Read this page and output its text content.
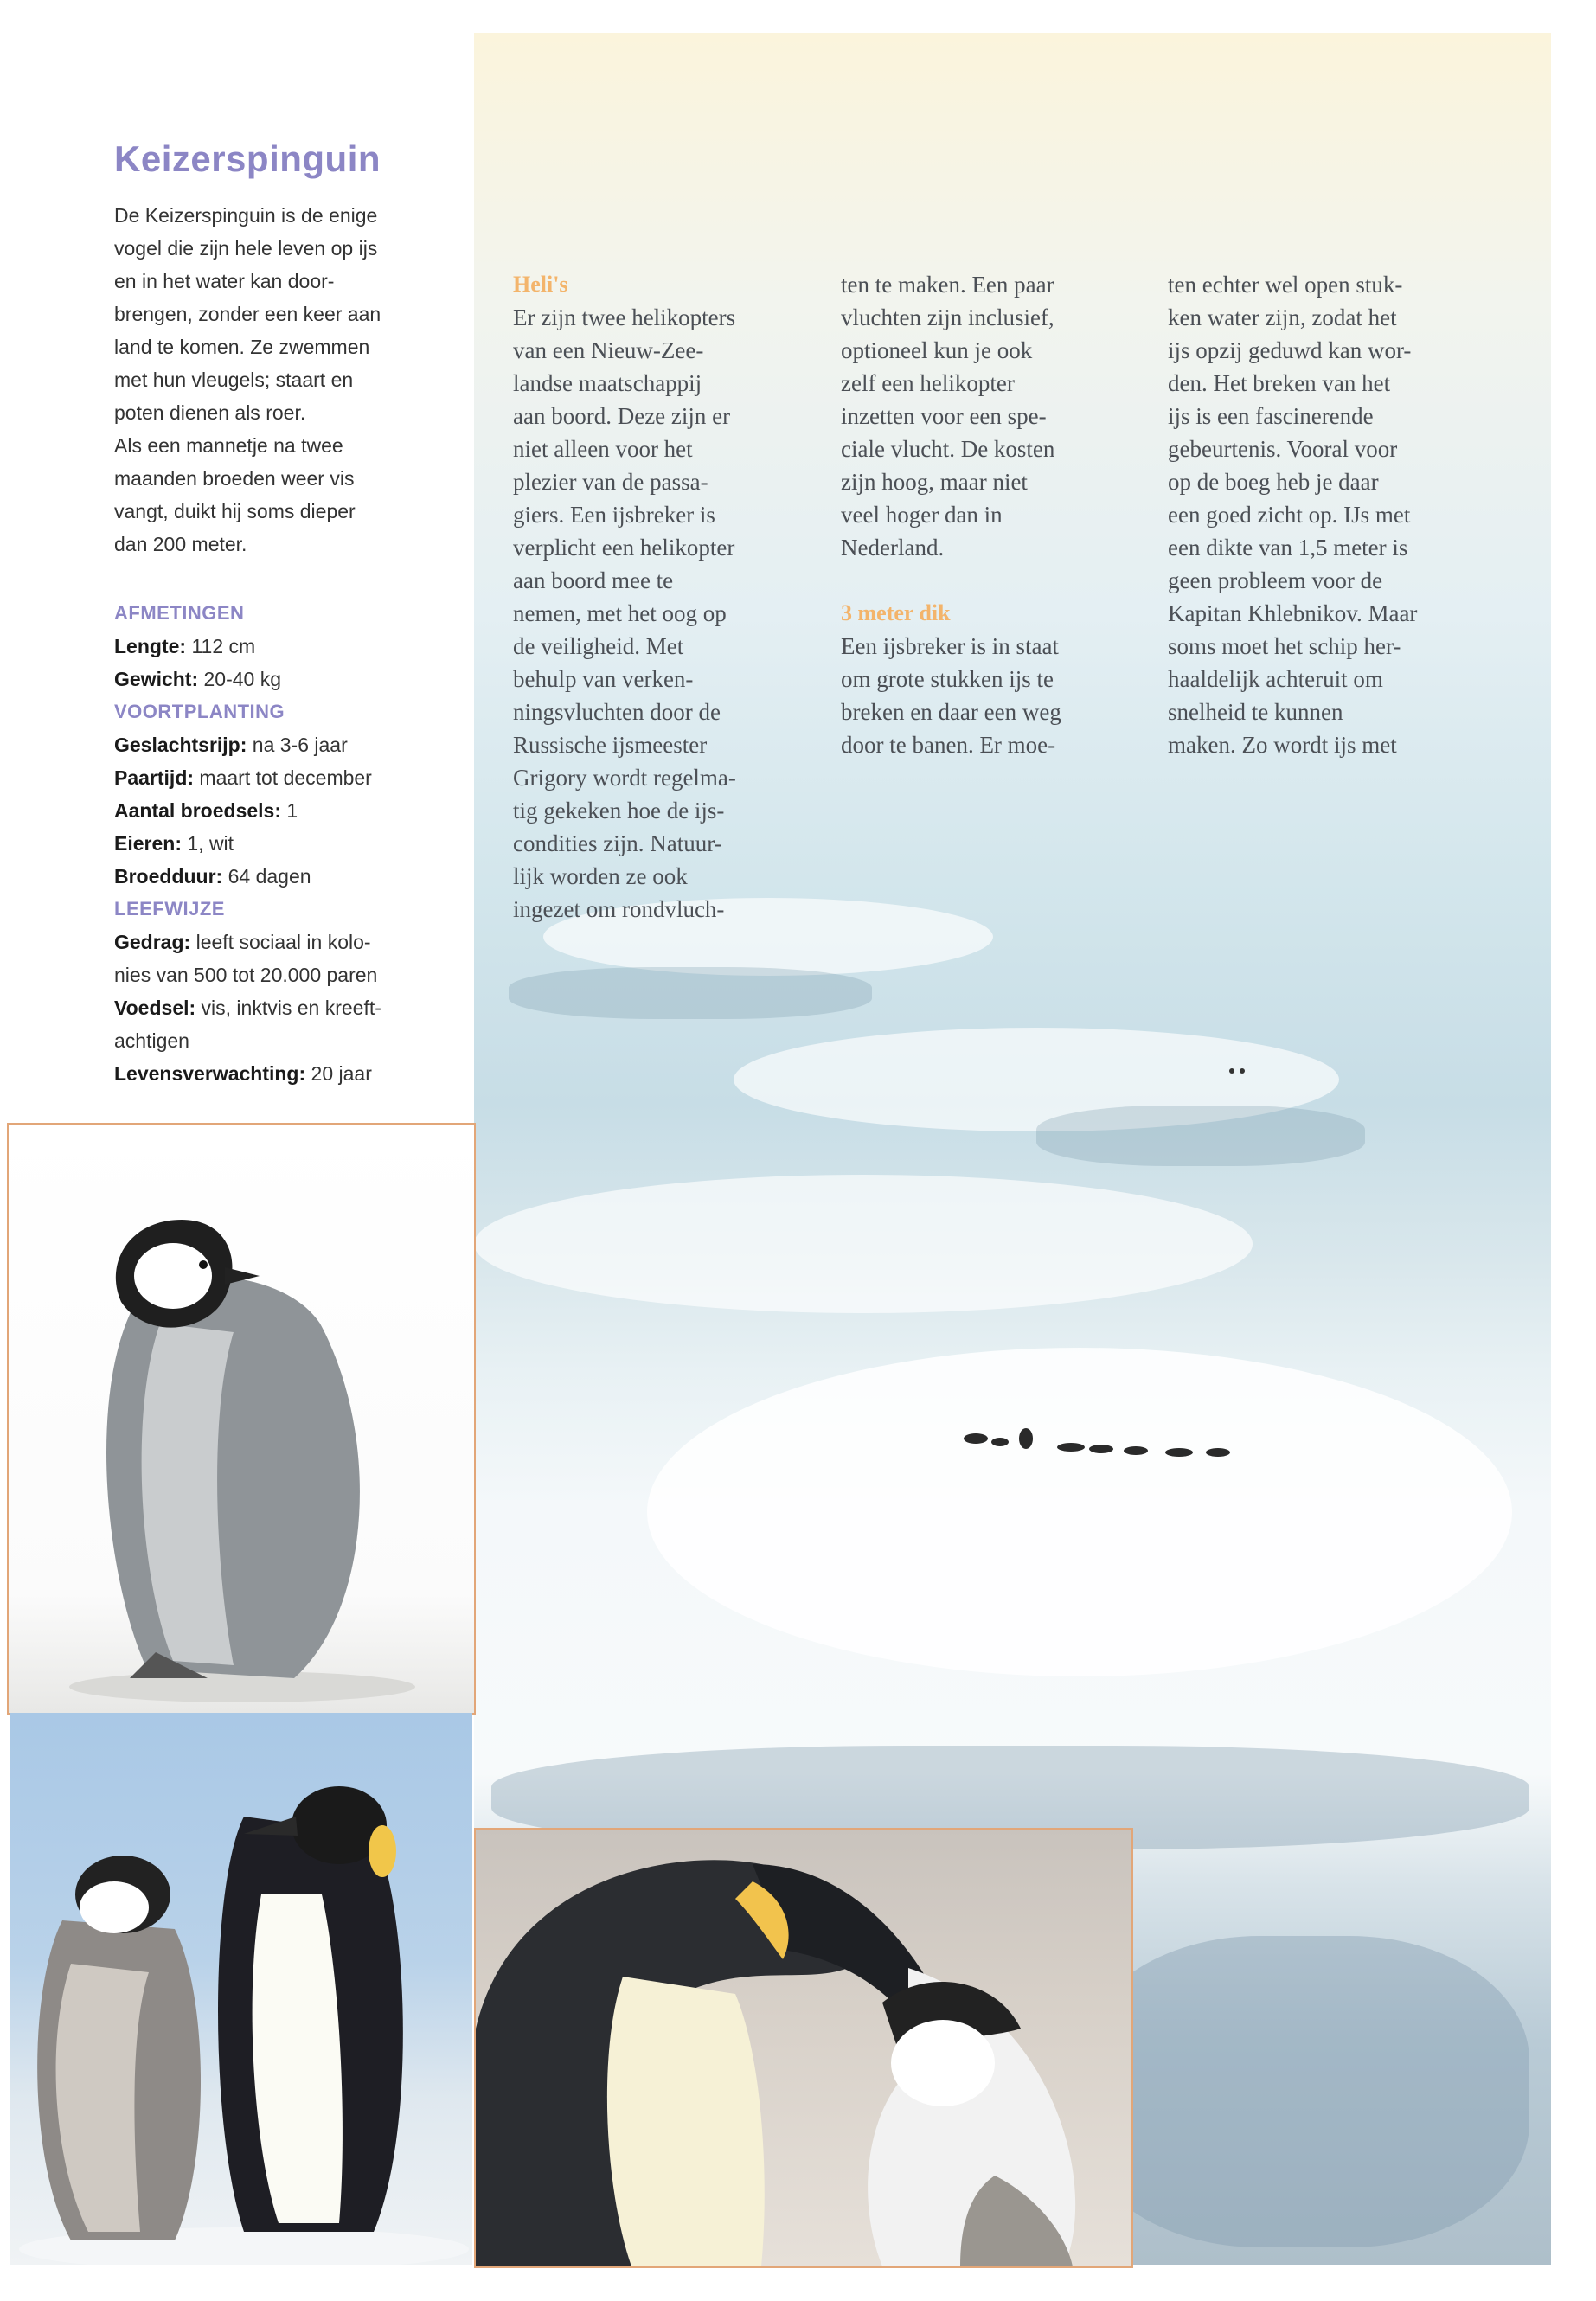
Keizerspinguin

De Keizerspinguin is de enige

vogel die zijn hele leven op ijs

en in het water kan door-

brengen, zonder een keer aan

land te komen. Ze zwemmen

met hun vleugels; staart en

poten dienen als roer.

Als een mannetje na twee

maanden broeden weer vis

vangt, duikt hij soms dieper

dan 200 meter.

AFMETINGEN
Lengte: 112 cm
Gewicht: 20-40 kg
VOORTPLANTING
Geslachtsrijp: na 3-6 jaar
Paartijd: maart tot december
Aantal broedsels: 1
Eieren: 1, wit
Broedduur: 64 dagen
LEEFWIJZE
Gedrag: leeft sociaal in kolo-
nies van 500 tot 20.000 paren
Voedsel: vis, inktvis en kreeft-
achtigen
Levensverwachting: 20 jaar

Heli's

Er zijn twee helikopters

van een Nieuw-Zee-

landse maatschappij

aan boord. Deze zijn er

niet alleen voor het

plezier van de passa-

giers. Een ijsbreker is

verplicht een helikopter

aan boord mee te

nemen, met het oog op

de veiligheid. Met

behulp van verken-

ningsvluchten door de

Russische ijsmeester

Grigory wordt regelma-

tig gekeken hoe de ijs-

condities zijn. Natuur-

lijk worden ze ook

ingezet om rondvluch-

ten te maken. Een paar

vluchten zijn inclusief,

optioneel kun je ook

zelf een helikopter

inzetten voor een spe-

ciale vlucht. De kosten

zijn hoog, maar niet

veel hoger dan in

Nederland.

3 meter dik

Een ijsbreker is in staat

om grote stukken ijs te

breken en daar een weg

door te banen. Er moe-

ten echter wel open stuk-

ken water zijn, zodat het

ijs opzij geduwd kan wor-

den. Het breken van het

ijs is een fascinerende

gebeurtenis. Vooral voor

op de boeg heb je daar

een goed zicht op. IJs met

een dikte van 1,5 meter is

geen probleem voor de

Kapitan Khlebnikov. Maar

soms moet het schip her-

haaldelijk achteruit om

snelheid te kunnen

maken. Zo wordt ijs met
